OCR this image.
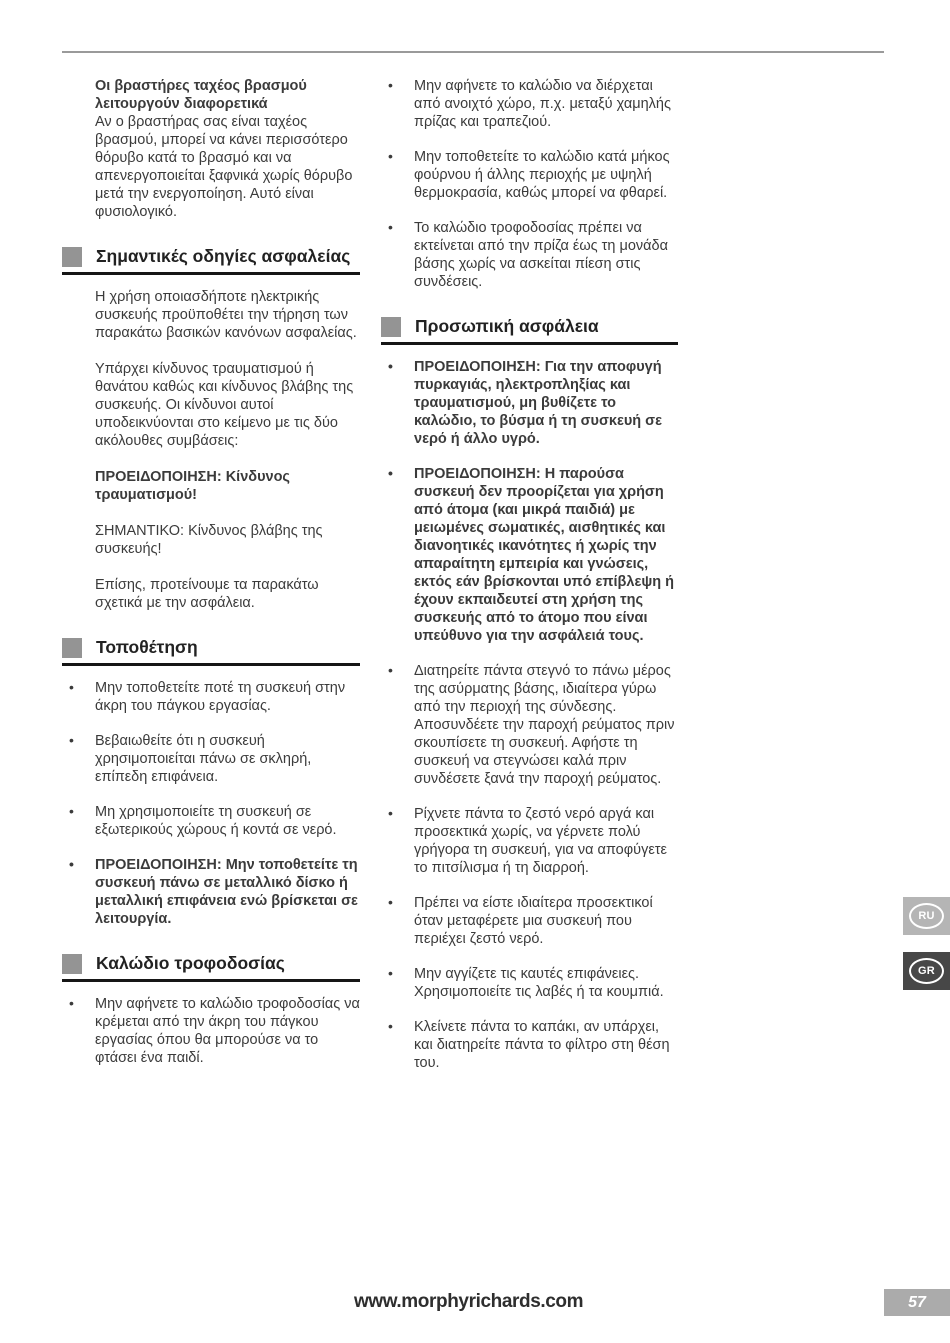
Οι βραστήρες ταχέος βρασμού λειτουργούν διαφορετικά

Αν ο βραστήρας σας είναι ταχέος βρασμού, μπορεί να κάνει περισσότερο θόρυβο κατά το βρασμό και να απενεργοποιείται ξαφνικά χωρίς θόρυβο μετά την ενεργοποίηση. Αυτό είναι φυσιολογικό.

Σημαντικές οδηγίες ασφαλείας

Η χρήση οποιασδήποτε ηλεκτρικής συσκευής προϋποθέτει την τήρηση των παρακάτω βασικών κανόνων ασφαλείας.

Υπάρχει κίνδυνος τραυματισμού ή θανάτου καθώς και κίνδυνος βλάβης της συσκευής. Οι κίνδυνοι αυτοί υποδεικνύονται στο κείμενο με τις δύο ακόλουθες συμβάσεις:

ΠΡΟΕΙΔΟΠΟΙΗΣΗ: Κίνδυνος τραυματισμού!

ΣΗΜΑΝΤΙΚΟ: Κίνδυνος βλάβης της συσκευής!

Επίσης, προτείνουμε τα παρακάτω σχετικά με την ασφάλεια.

Τοποθέτηση
•
Μην τοποθετείτε ποτέ τη συσκευή στην άκρη του πάγκου εργασίας.
•
Βεβαιωθείτε ότι η συσκευή χρησιμοποιείται πάνω σε σκληρή, επίπεδη επιφάνεια.
•
Μη χρησιμοποιείτε τη συσκευή σε εξωτερικούς χώρους ή κοντά σε νερό.
•
ΠΡΟΕΙΔΟΠΟΙΗΣΗ: Μην τοποθετείτε τη συσκευή πάνω σε μεταλλικό δίσκο ή μεταλλική επιφάνεια ενώ βρίσκεται σε λειτουργία.
Καλώδιο τροφοδοσίας
•
Μην αφήνετε το καλώδιο τροφοδοσίας να κρέμεται από την άκρη του πάγκου εργασίας όπου θα μπορούσε να το φτάσει ένα παιδί.
•
Μην αφήνετε το καλώδιο να διέρχεται από ανοιχτό χώρο, π.χ. μεταξύ χαμηλής πρίζας και τραπεζιού.
•
Μην τοποθετείτε το καλώδιο κατά μήκος φούρνου ή άλλης περιοχής με υψηλή θερμοκρασία, καθώς μπορεί να φθαρεί.
•
Το καλώδιο τροφοδοσίας πρέπει να εκτείνεται από την πρίζα έως τη μονάδα βάσης χωρίς να ασκείται πίεση στις συνδέσεις.
Προσωπική ασφάλεια
•
ΠΡΟΕΙΔΟΠΟΙΗΣΗ: Για την αποφυγή πυρκαγιάς, ηλεκτροπληξίας και τραυματισμού, μη βυθίζετε το καλώδιο, το βύσμα ή τη συσκευή σε νερό ή άλλο υγρό.
•
ΠΡΟΕΙΔΟΠΟΙΗΣΗ: Η παρούσα συσκευή δεν προορίζεται για χρήση από άτομα (και μικρά παιδιά) με μειωμένες σωματικές, αισθητικές και διανοητικές ικανότητες ή χωρίς την απαραίτητη εμπειρία και γνώσεις, εκτός εάν βρίσκονται υπό επίβλεψη ή έχουν εκπαιδευτεί στη χρήση της συσκευής από το άτομο που είναι υπεύθυνο για την ασφάλειά τους.
•
Διατηρείτε πάντα στεγνό το πάνω μέρος της ασύρματης βάσης, ιδιαίτερα γύρω από την περιοχή της σύνδεσης. Αποσυνδέετε την παροχή ρεύματος πριν σκουπίσετε τη συσκευή. Αφήστε τη συσκευή να στεγνώσει καλά πριν συνδέσετε ξανά την παροχή ρεύματος.
•
Ρίχνετε πάντα το ζεστό νερό αργά και προσεκτικά χωρίς, να γέρνετε πολύ γρήγορα τη συσκευή, για να αποφύγετε το πιτσίλισμα ή τη διαρροή.
•
Πρέπει να είστε ιδιαίτερα προσεκτικοί όταν μεταφέρετε μια συσκευή που περιέχει ζεστό νερό.
•
Μην αγγίζετε τις καυτές επιφάνειες. Χρησιμοποιείτε τις λαβές ή τα κουμπιά.
•
Κλείνετε πάντα το καπάκι, αν υπάρχει, και διατηρείτε πάντα το φίλτρο στη θέση του.
RU
GR
www.morphyrichards.com	57
